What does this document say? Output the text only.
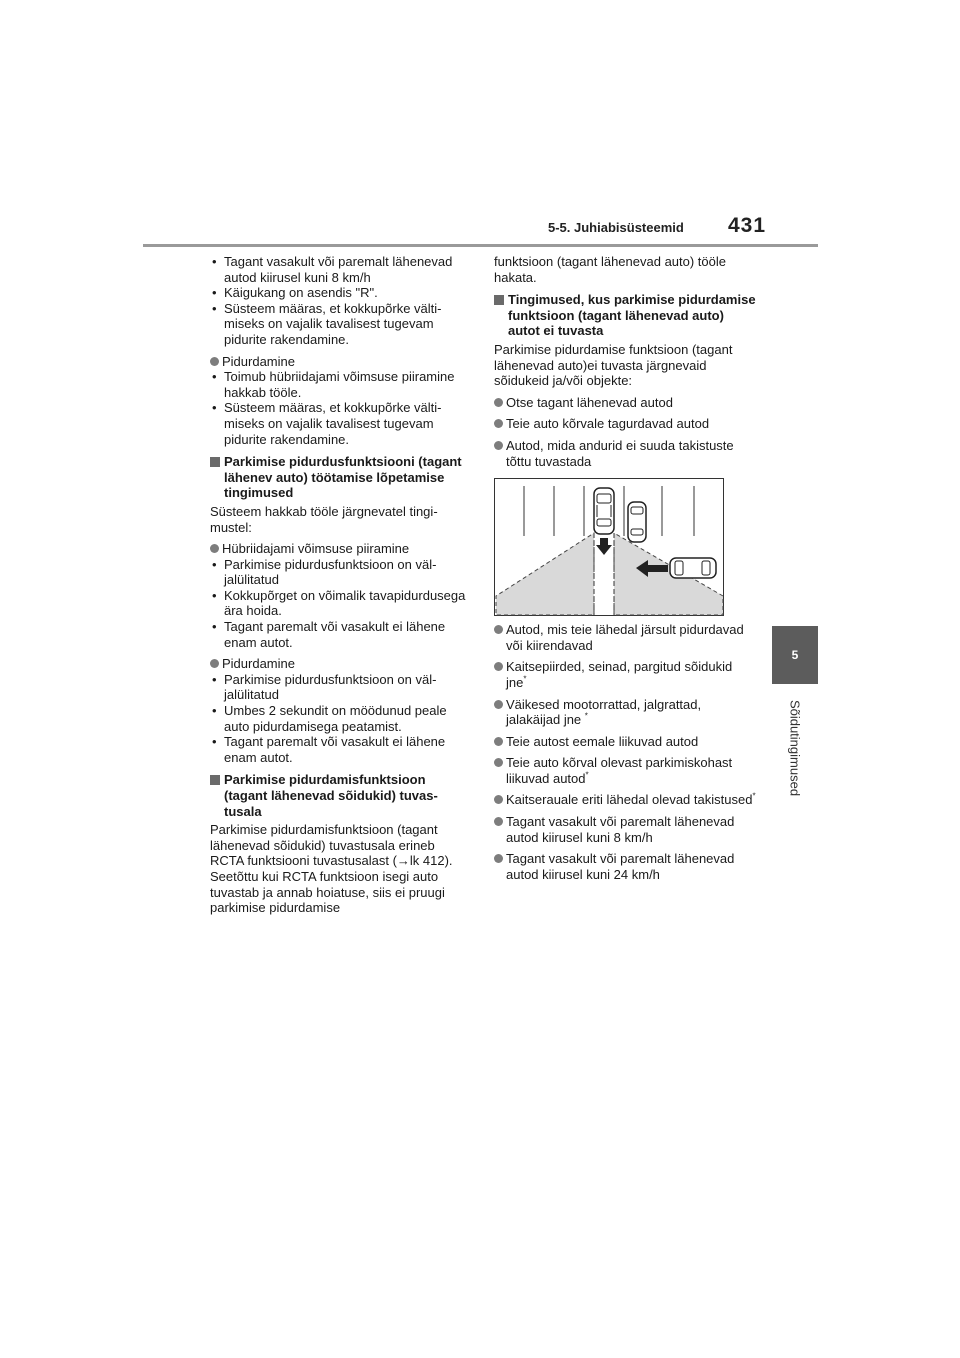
5-5. Juhiabisüsteemid 431
5
Sõidutingimused
• Tagant vasakult või paremalt lähenevad autod kiirusel kuni 8 km/h
• Käigukang on asendis "R".
• Süsteem määras, et kokkupõrke vältimiseks on vajalik tavalisest tugevam pidurite rakendamine.
Pidurdamine
• Toimub hübriidajami võimsuse piiramine hakkab tööle.
• Süsteem määras, et kokkupõrke vältimiseks on vajalik tavalisest tugevam pidurite rakendamine.
Parkimise pidurdusfunktsiooni (tagant lähenev auto) töötamise lõpetamise tingimused
Süsteem hakkab tööle järgnevatel tingimustel:
Hübriidajami võimsuse piiramine
• Parkimise pidurdusfunktsioon on väljalülitatud
• Kokkupõrget on võimalik tavapidurdusega ära hoida.
• Tagant paremalt või vasakult ei lähene enam autot.
Pidurdamine
• Parkimise pidurdusfunktsioon on väljalülitatud
• Umbes 2 sekundit on möödunud peale auto pidurdamisega peatamist.
• Tagant paremalt või vasakult ei lähene enam autot.
Parkimise pidurdamisfunktsioon (tagant lähenevad sõidukid) tuvastusala
Parkimise pidurdamisfunktsioon (tagant lähenevad sõidukid) tuvastusala erineb RCTA funktsiooni tuvastusalast (→lk 412). Seetõttu kui RCTA funktsioon isegi auto tuvastab ja annab hoiatuse, siis ei pruugi parkimise pidurdamise
funktsioon (tagant lähenevad auto) tööle hakata.
Tingimused, kus parkimise pidurdamise funktsioon (tagant lähenevad auto) autot ei tuvasta
Parkimise pidurdamise funktsioon (tagant lähenevad auto)ei tuvasta järgnevaid sõidukeid ja/või objekte:
Otse tagant lähenevad autod
Teie auto kõrvale tagurdavad autod
Autod, mida andurid ei suuda takistuste tõttu tuvastada
Autod, mis teie lähedal järsult pidurdavad või kiirendavad
Kaitsepiirded, seinad, pargitud sõidukid jne*
Väikesed mootorrattad, jalgrattad, jalakäijad jne *
Teie autost eemale liikuvad autod
Teie auto kõrval olevast parkimiskohast liikuvad autod*
Kaitserauale eriti lähedal olevad takistused*
Tagant vasakult või paremalt lähenevad autod kiirusel kuni 8 km/h
Tagant vasakult või paremalt lähenevad autod kiirusel kuni 24 km/h
